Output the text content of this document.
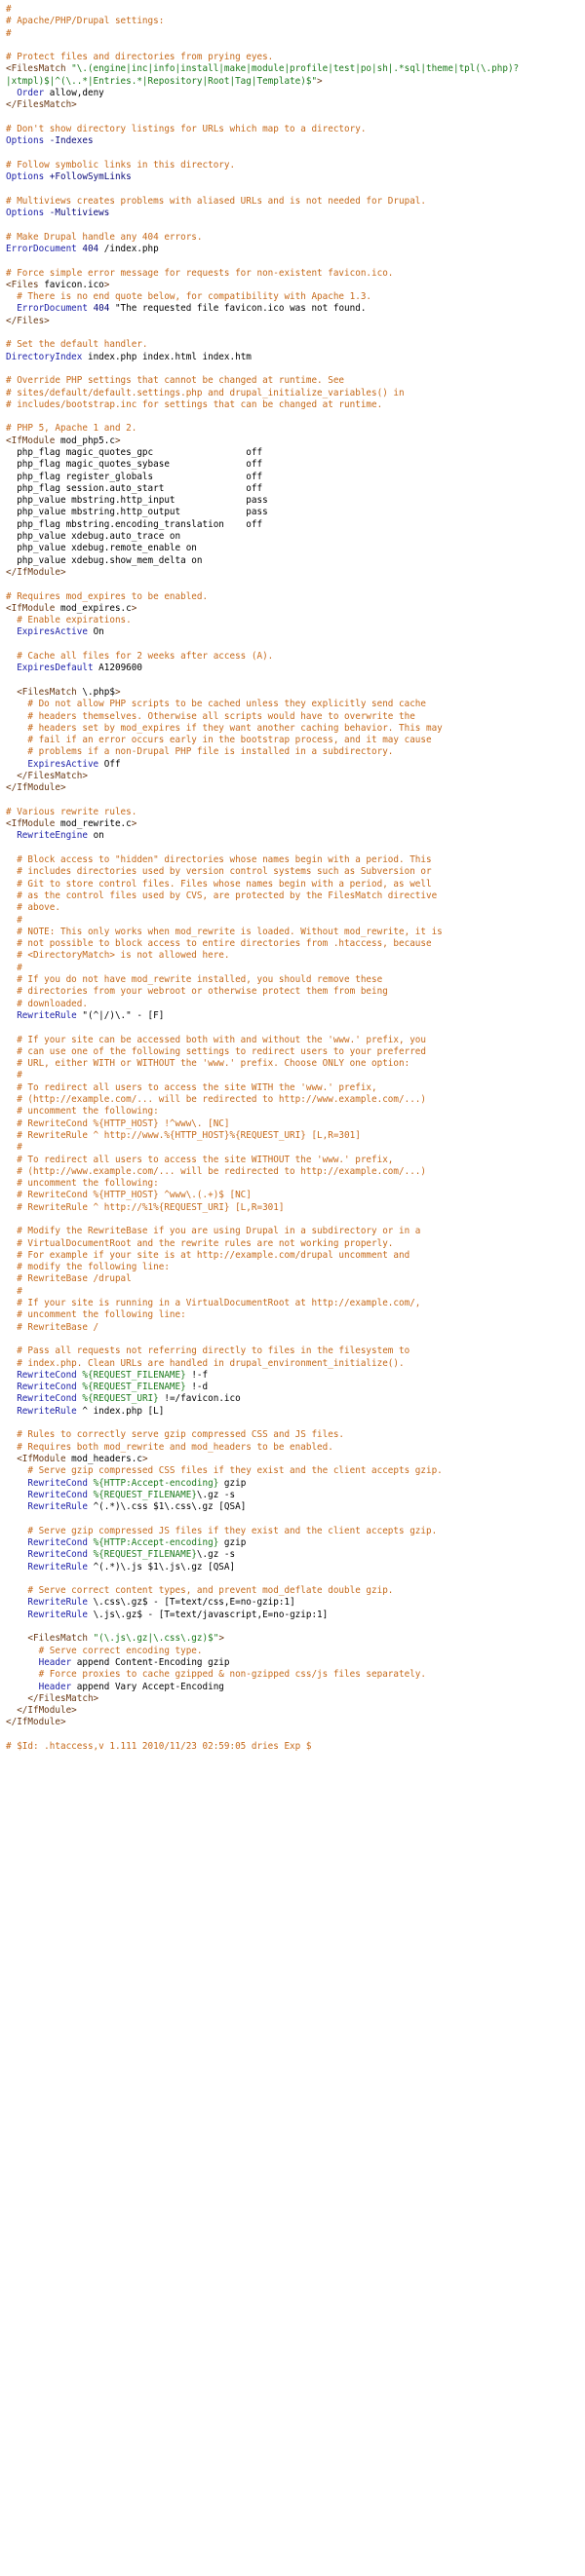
#
# Apache/PHP/Drupal settings:
#
# Protect files and directories from prying eyes.
<FilesMatch "\.(engine|inc|info|install|make|module|profile|test|po|sh|.*sql|theme|tpl(\.php)?
|xtmpl)$|^(\..*|Entries.*|Repository|Root|Tag|Template)$">
Order allow,deny
</FilesMatch>
# Don't show directory listings for URLs which map to a directory.
Options -Indexes
# Follow symbolic links in this directory.
Options +FollowSymLinks
# Multiviews creates problems with aliased URLs and is not needed for Drupal.
Options -Multiviews
# Make Drupal handle any 404 errors.
ErrorDocument 404 /index.php
# Force simple error message for requests for non-existent favicon.ico.
<Files favicon.ico>
# There is no end quote below, for compatibility with Apache 1.3.
ErrorDocument 404 "The requested file favicon.ico was not found.
</Files>
# Set the default handler.
DirectoryIndex index.php index.html index.htm
# Override PHP settings that cannot be changed at runtime. See
# sites/default/default.settings.php and drupal_initialize_variables() in
# includes/bootstrap.inc for settings that can be changed at runtime.
# PHP 5, Apache 1 and 2.
<IfModule mod_php5.c>
php_flag magic_quotes_gpc                 off
php_flag magic_quotes_sybase              off
php_flag register_globals                 off
php_flag session.auto_start               off
php_value mbstring.http_input             pass
php_value mbstring.http_output            pass
php_flag mbstring.encoding_translation    off
php_value xdebug.auto_trace on
php_value xdebug.remote_enable on
php_value xdebug.show_mem_delta on
</IfModule>
# Requires mod_expires to be enabled.
<IfModule mod_expires.c>
# Enable expirations.
ExpiresActive On
# Cache all files for 2 weeks after access (A).
ExpiresDefault A1209600
<FilesMatch \.php$>
# Do not allow PHP scripts to be cached unless they explicitly send cache
# headers themselves. Otherwise all scripts would have to overwrite the
# headers set by mod_expires if they want another caching behavior. This may
# fail if an error occurs early in the bootstrap process, and it may cause
# problems if a non-Drupal PHP file is installed in a subdirectory.
ExpiresActive Off
</FilesMatch>
</IfModule>
# Various rewrite rules.
<IfModule mod_rewrite.c>
RewriteEngine on
# Block access to "hidden" directories whose names begin with a period. This
# includes directories used by version control systems such as Subversion or
# Git to store control files. Files whose names begin with a period, as well
# as the control files used by CVS, are protected by the FilesMatch directive
# above.
#
# NOTE: This only works when mod_rewrite is loaded. Without mod_rewrite, it is
# not possible to block access to entire directories from .htaccess, because
# <DirectoryMatch> is not allowed here.
#
# If you do not have mod_rewrite installed, you should remove these
# directories from your webroot or otherwise protect them from being
# downloaded.
RewriteRule "(^|/)\." - [F]
# If your site can be accessed both with and without the 'www.' prefix, you
# can use one of the following settings to redirect users to your preferred
# URL, either WITH or WITHOUT the 'www.' prefix. Choose ONLY one option:
#
# To redirect all users to access the site WITH the 'www.' prefix,
# (http://example.com/... will be redirected to http://www.example.com/...)
# uncomment the following:
# RewriteCond %{HTTP_HOST} !^www\. [NC]
# RewriteRule ^ http://www.%{HTTP_HOST}%{REQUEST_URI} [L,R=301]
#
# To redirect all users to access the site WITHOUT the 'www.' prefix,
# (http://www.example.com/... will be redirected to http://example.com/...)
# uncomment the following:
# RewriteCond %{HTTP_HOST} ^www\.(.+)$ [NC]
# RewriteRule ^ http://%1%{REQUEST_URI} [L,R=301]
# Modify the RewriteBase if you are using Drupal in a subdirectory or in a
# VirtualDocumentRoot and the rewrite rules are not working properly.
# For example if your site is at http://example.com/drupal uncomment and
# modify the following line:
# RewriteBase /drupal
#
# If your site is running in a VirtualDocumentRoot at http://example.com/,
# uncomment the following line:
# RewriteBase /
# Pass all requests not referring directly to files in the filesystem to
# index.php. Clean URLs are handled in drupal_environment_initialize().
RewriteCond %{REQUEST_FILENAME} !-f
RewriteCond %{REQUEST_FILENAME} !-d
RewriteCond %{REQUEST_URI} !=/favicon.ico
RewriteRule ^ index.php [L]
# Rules to correctly serve gzip compressed CSS and JS files.
# Requires both mod_rewrite and mod_headers to be enabled.
<IfModule mod_headers.c>
# Serve gzip compressed CSS files if they exist and the client accepts gzip.
RewriteCond %{HTTP:Accept-encoding} gzip
RewriteCond %{REQUEST_FILENAME}\.gz -s
RewriteRule ^(.*)\.css $1\.css\.gz [QSA]
# Serve gzip compressed JS files if they exist and the client accepts gzip.
RewriteCond %{HTTP:Accept-encoding} gzip
RewriteCond %{REQUEST_FILENAME}\.gz -s
RewriteRule ^(.*)\.js $1\.js\.gz [QSA]
# Serve correct content types, and prevent mod_deflate double gzip.
RewriteRule \.css\.gz$ - [T=text/css,E=no-gzip:1]
RewriteRule \.js\.gz$ - [T=text/javascript,E=no-gzip:1]
<FilesMatch "(\.js\.gz|\.css\.gz)$">
# Serve correct encoding type.
Header append Content-Encoding gzip
# Force proxies to cache gzipped & non-gzipped css/js files separately.
Header append Vary Accept-Encoding
</FilesMatch>
</IfModule>
</IfModule>
# $Id: .htaccess,v 1.111 2010/11/23 02:59:05 dries Exp $
